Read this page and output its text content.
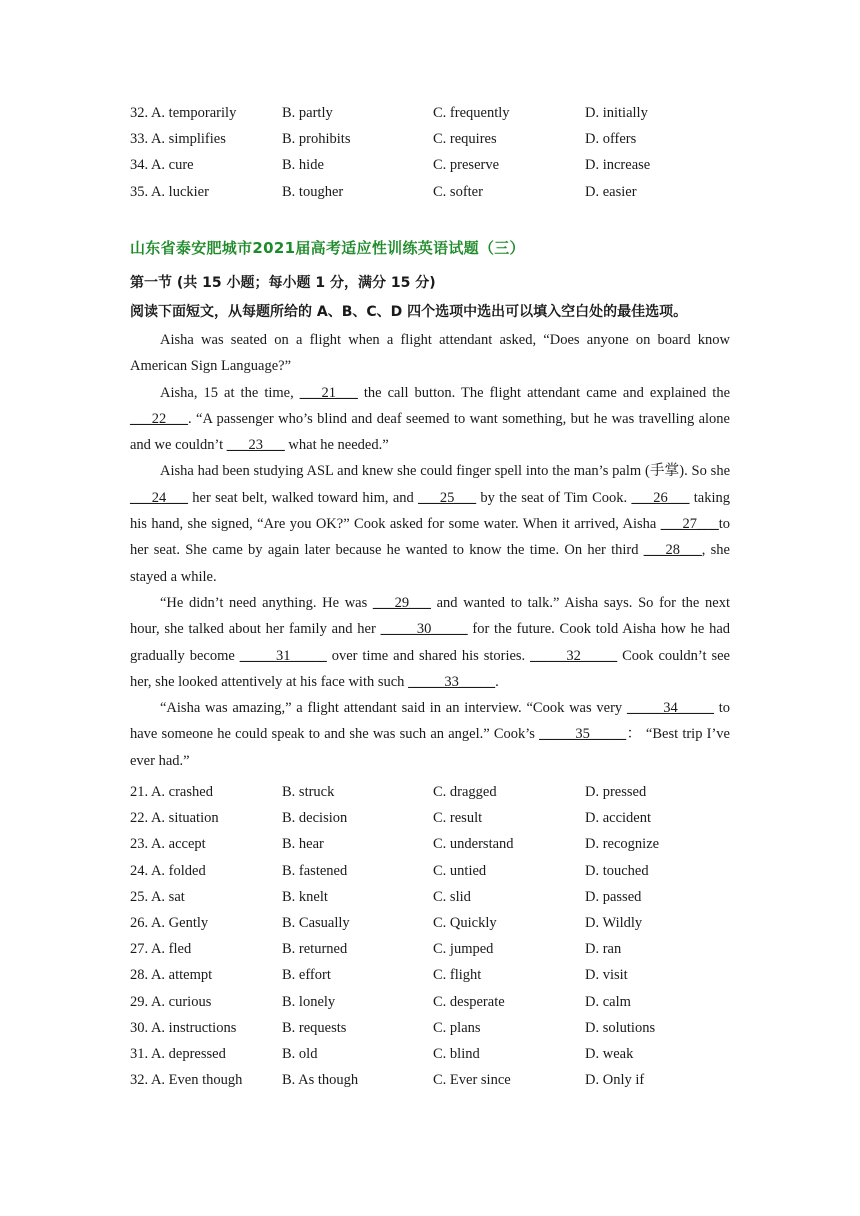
32. A. temporarily	B. partly	C. frequently	D. initially
33. A. simplifies	B. prohibits	C. requires	D. offers
34. A. cure	B. hide	C. preserve	D. increase
35. A. luckier	B. tougher	C. softer	D. easier
山东省泰安肥城市2021届高考适应性训练英语试题（三）
第一节 (共 15 小题；每小题 1 分，满分 15 分)
阅读下面短文，从每题所给的 A、B、C、D 四个选项中选出可以填入空白处的最佳选项。
Aisha was seated on a flight when a flight attendant asked, “Does anyone on board know American Sign Language?”
Aisha, 15 at the time, ___21___ the call button. The flight attendant came and explained the ___22___. “A passenger who’s blind and deaf seemed to want something, but he was travelling alone and we couldn’t ___23___ what he needed.”
Aisha had been studying ASL and knew she could finger spell into the man’s palm (手掌). So she ___24___ her seat belt, walked toward him, and ___25___ by the seat of Tim Cook. ___26___ taking his hand, she signed, “Are you OK?” Cook asked for some water. When it arrived, Aisha ___27___to her seat. She came by again later because he wanted to know the time. On her third ___28___, she stayed a while.
“He didn’t need anything. He was ___29___ and wanted to talk.” Aisha says. So for the next hour, she talked about her family and her _____30_____ for the future. Cook told Aisha how he had gradually become _____31_____ over time and shared his stories. _____32_____ Cook couldn’t see her, she looked attentively at his face with such _____33_____.
“Aisha was amazing,” a flight attendant said in an interview. “Cook was very _____34_____ to have someone he could speak to and she was such an angel.” Cook’s _____35_____： “Best trip I’ve ever had.”
21. A. crashed	B. struck	C. dragged	D. pressed
22. A. situation	B. decision	C. result	D. accident
23. A. accept	B. hear	C. understand	D. recognize
24. A. folded	B. fastened	C. untied	D. touched
25. A. sat	B. knelt	C. slid	D. passed
26. A. Gently	B. Casually	C. Quickly	D. Wildly
27. A. fled	B. returned	C. jumped	D. ran
28. A. attempt	B. effort	C. flight	D. visit
29. A. curious	B. lonely	C. desperate	D. calm
30. A. instructions	B. requests	C. plans	D. solutions
31. A. depressed	B. old	C. blind	D. weak
32. A. Even though	B. As though	C. Ever since	D. Only if
